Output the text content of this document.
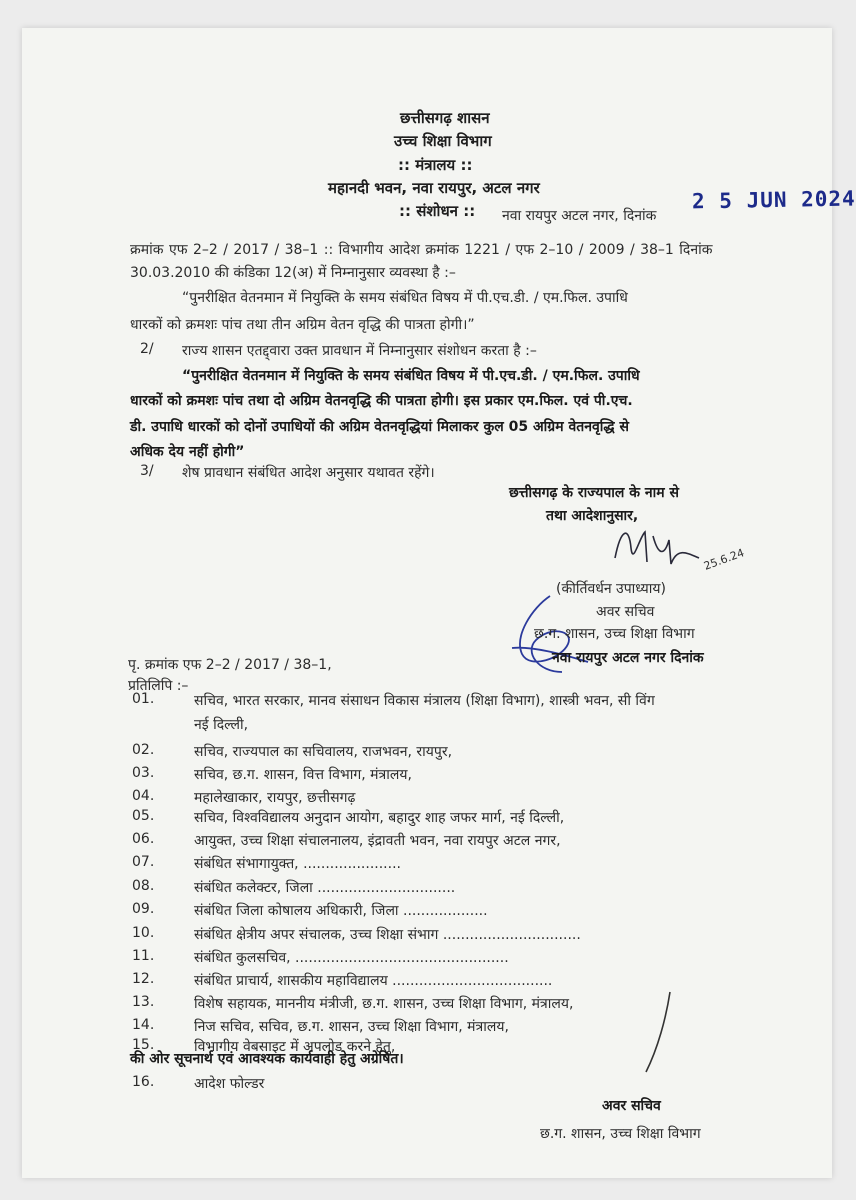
छत्तीसगढ़ शासन
उच्च शिक्षा विभाग
:: मंत्रालय ::
महानदी भवन, नवा रायपुर, अटल नगर
:: संशोधन :: नवा रायपुर अटल नगर, दिनांक
2 5 JUN 2024
क्रमांक एफ 2–2 / 2017 / 38–1 :: विभागीय आदेश क्रमांक 1221 / एफ 2–10 / 2009 / 38–1 दिनांक
30.03.2010 की कंडिका 12(अ) में निम्नानुसार व्यवस्था है :–
“पुनरीक्षित वेतनमान में नियुक्ति के समय संबंधित विषय में पी.एच.डी. / एम.फिल. उपाधि
धारकों को क्रमशः पांच तथा तीन अग्रिम वेतन वृद्धि की पात्रता होगी।”
2/ राज्य शासन एतद्द्वारा उक्त प्रावधान में निम्नानुसार संशोधन करता है :–
“पुनरीक्षित वेतनमान में नियुक्ति के समय संबंधित विषय में पी.एच.डी. / एम.फिल. उपाधि
धारकों को क्रमशः पांच तथा दो अग्रिम वेतनवृद्धि की पात्रता होगी। इस प्रकार एम.फिल. एवं पी.एच.
डी. उपाधि धारकों को दोनों उपाधियों की अग्रिम वेतनवृद्धियां मिलाकर कुल 05 अग्रिम वेतनवृद्धि से
अधिक देय नहीं होगी”
3/ शेष प्रावधान संबंधित आदेश अनुसार यथावत रहेंगे।
छत्तीसगढ़ के राज्यपाल के नाम से
तथा आदेशानुसार,
25.6.24
(कीर्तिवर्धन उपाध्याय)
अवर सचिव
छ.ग. शासन, उच्च शिक्षा विभाग
पृ. क्रमांक एफ 2–2 / 2017 / 38–1,	नवा रायपुर अटल नगर दिनांक
प्रतिलिपि :–
01.	सचिव, भारत सरकार, मानव संसाधन विकास मंत्रालय (शिक्षा विभाग), शास्त्री भवन, सी विंग
नई दिल्ली,
02.	सचिव, राज्यपाल का सचिवालय, राजभवन, रायपुर,
03.	सचिव, छ.ग. शासन, वित्त विभाग, मंत्रालय,
04.	महालेखाकार, रायपुर, छत्तीसगढ़
05.	सचिव, विश्वविद्यालय अनुदान आयोग, बहादुर शाह जफर मार्ग, नई दिल्ली,
06.	आयुक्त, उच्च शिक्षा संचालनालय, इंद्रावती भवन, नवा रायपुर अटल नगर,
07.	संबंधित संभागायुक्त, ......................
08.	संबंधित कलेक्टर, जिला ...............................
09.	संबंधित जिला कोषालय अधिकारी, जिला ...................
10.	संबंधित क्षेत्रीय अपर संचालक, उच्च शिक्षा संभाग ...............................
11.	संबंधित कुलसचिव, ................................................
12.	संबंधित प्राचार्य, शासकीय महाविद्यालय ....................................
13.	विशेष सहायक, माननीय मंत्रीजी, छ.ग. शासन, उच्च शिक्षा विभाग, मंत्रालय,
14.	निज सचिव, सचिव, छ.ग. शासन, उच्च शिक्षा विभाग, मंत्रालय,
15.	विभागीय वेबसाइट में अपलोड करने हेतु,
की ओर सूचनार्थ एवं आवश्यक कार्यवाही हेतु अग्रेषित।
16.	आदेश फोल्डर
अवर सचिव
छ.ग. शासन, उच्च शिक्षा विभाग
